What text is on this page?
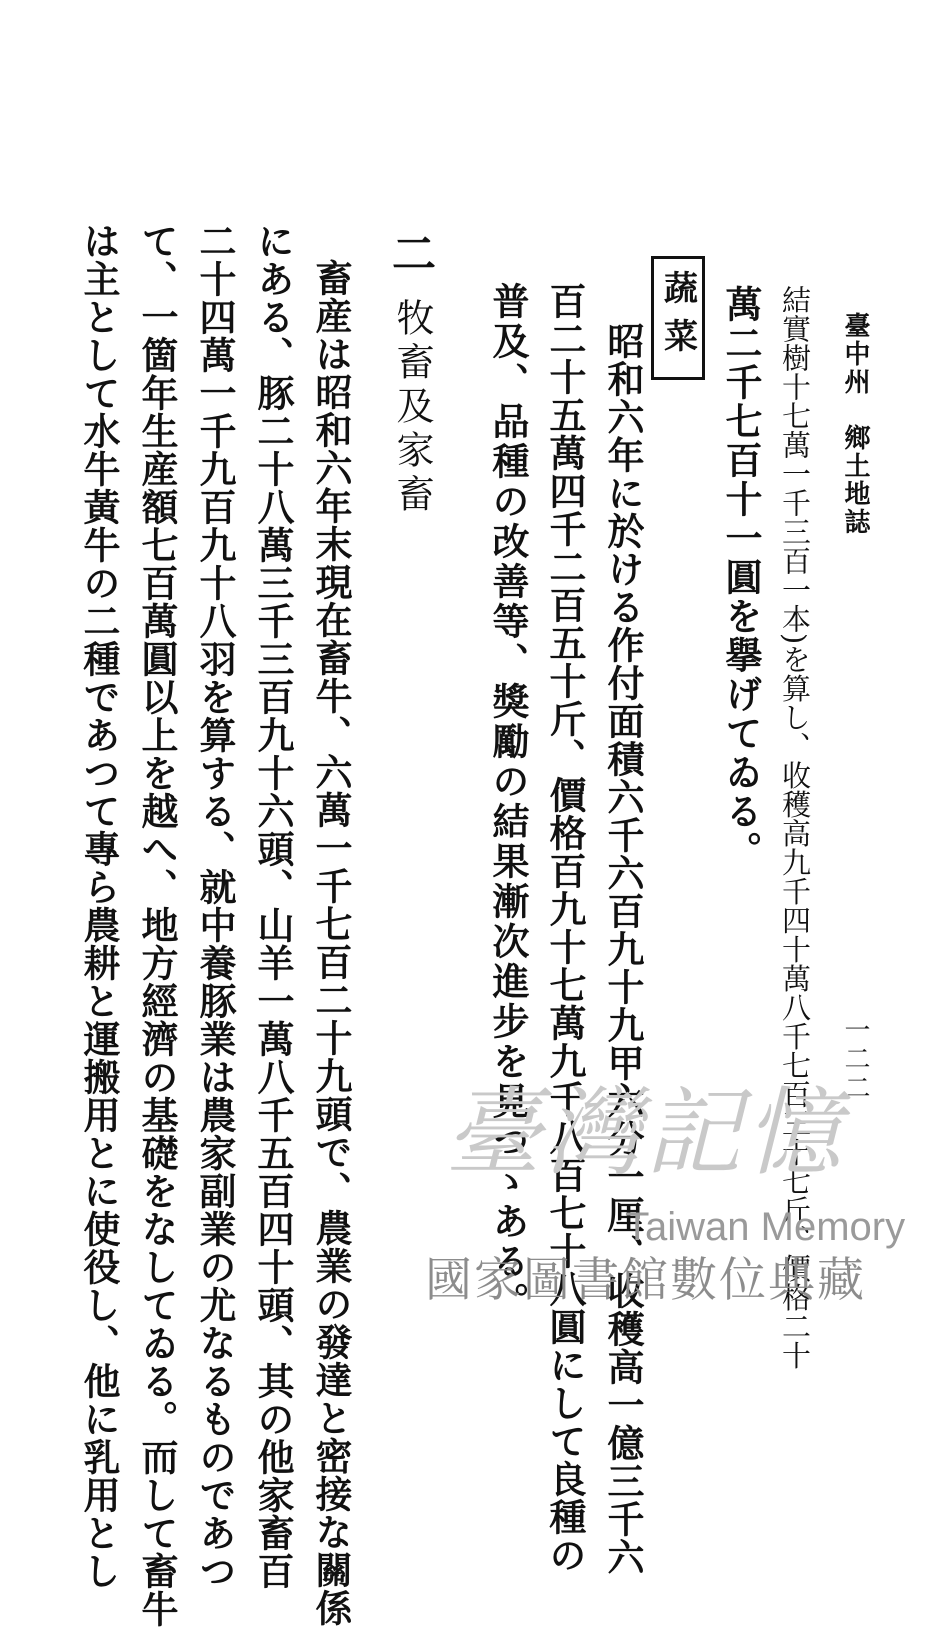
臺中州　鄉土地誌
一二二
結實樹十七萬一千三百一本)を算し、收穫高九千四十萬八千七百三十七斤、價格二十
萬二千七百十一圓を擧げてゐる。
蔬菜
昭和六年に於ける作付面積六千六百九十九甲六分一厘、收穫高一億三千六
百二十五萬四千二百五十斤、價格百九十七萬九千八百七十八圓にして良種の
普及、品種の改善等、獎勵の結果漸次進步を見つゝある。
二
牧畜及家畜
畜産は昭和六年末現在畜牛、六萬一千七百二十九頭で、農業の發達と密接な關係
にある、豚二十八萬三千三百九十六頭、山羊一萬八千五百四十頭、其の他家畜百
二十四萬一千九百九十八羽を算する、就中養豚業は農家副業の尤なるものであつ
て、一箇年生産額七百萬圓以上を越へ、地方經濟の基礎をなしてゐる。而して畜牛
は主として水牛黃牛の二種であつて專ら農耕と運搬用とに使役し、他に乳用とし	臺灣記憶
Taiwan Memory
國家圖書館數位典藏
